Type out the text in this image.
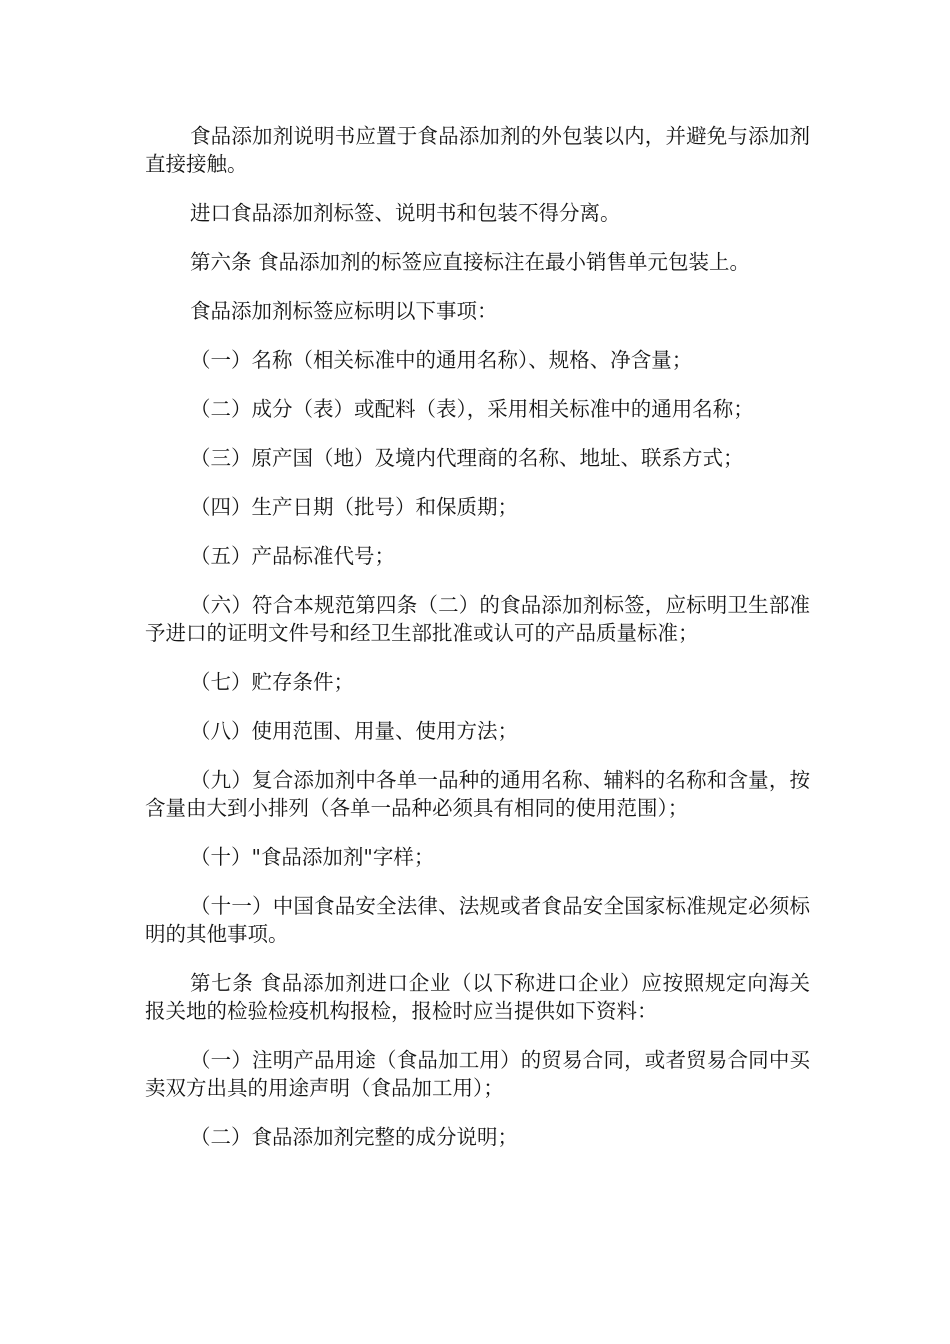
食品添加剂说明书应置于食品添加剂的外包装以内，并避免与添加剂直接接触。

进口食品添加剂标签、说明书和包装不得分离。

第六条 食品添加剂的标签应直接标注在最小销售单元包装上。

食品添加剂标签应标明以下事项：

（一）名称（相关标准中的通用名称）、规格、净含量；

（二）成分（表）或配料（表），采用相关标准中的通用名称；

（三）原产国（地）及境内代理商的名称、地址、联系方式；

（四）生产日期（批号）和保质期；

（五）产品标准代号；

（六）符合本规范第四条（二）的食品添加剂标签，应标明卫生部准予进口的证明文件号和经卫生部批准或认可的产品质量标准；

（七）贮存条件；

（八）使用范围、用量、使用方法；

（九）复合添加剂中各单一品种的通用名称、辅料的名称和含量，按含量由大到小排列（各单一品种必须具有相同的使用范围）；

（十）"食品添加剂"字样；

（十一）中国食品安全法律、法规或者食品安全国家标准规定必须标明的其他事项。

第七条 食品添加剂进口企业（以下称进口企业）应按照规定向海关报关地的检验检疫机构报检，报检时应当提供如下资料：

（一）注明产品用途（食品加工用）的贸易合同，或者贸易合同中买卖双方出具的用途声明（食品加工用）；

（二）食品添加剂完整的成分说明；
